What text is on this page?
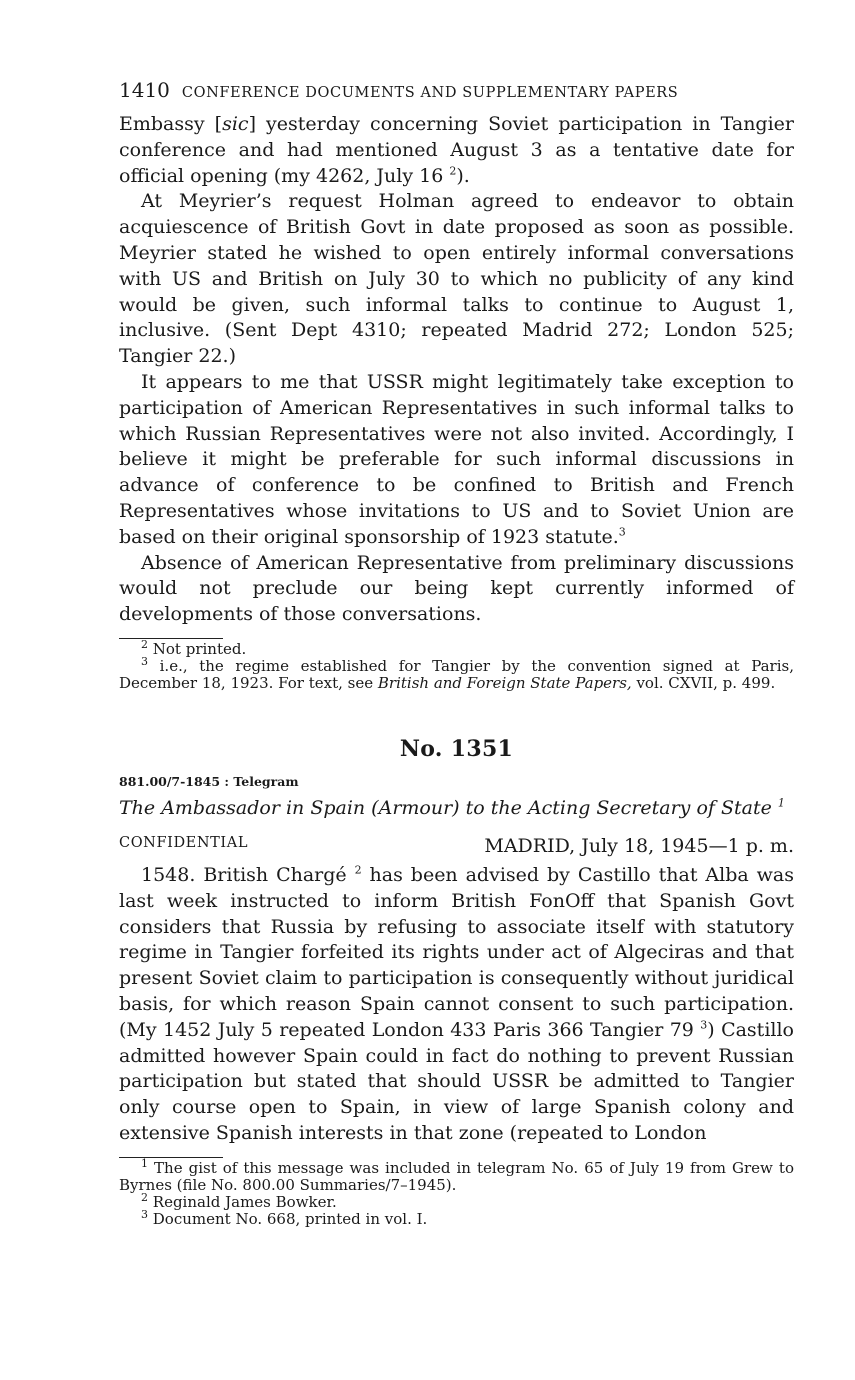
1410 CONFERENCE DOCUMENTS AND SUPPLEMENTARY PAPERS

Embassy [sic] yesterday concerning Soviet participation in Tangier conference and had mentioned August 3 as a tentative date for official opening (my 4262, July 16 $^2$).

At Meyrier’s request Holman agreed to endeavor to obtain acquiescence of British Govt in date proposed as soon as possible. Meyrier stated he wished to open entirely informal conversations with US and British on July 30 to which no publicity of any kind would be given, such informal talks to continue to August 1, inclusive. (Sent Dept 4310; repeated Madrid 272; London 525; Tangier 22.)

It appears to me that USSR might legitimately take exception to participation of American Representatives in such informal talks to which Russian Representatives were not also invited. Accordingly, I believe it might be preferable for such informal discussions in advance of conference to be confined to British and French Representatives whose invitations to US and to Soviet Union are based on their original sponsorship of 1923 statute.$^3$

Absence of American Representative from preliminary discussions would not preclude our being kept currently informed of developments of those conversations.

$^2$ Not printed.

$^3$ i.e., the regime established for Tangier by the convention signed at Paris, December 18, 1923. For text, see British and Foreign State Papers, vol. CXVII, p. 499.

No. 1351
881.00/7-1845 : Telegram
The Ambassador in Spain (Armour) to the Acting Secretary of State $^1$
CONFIDENTIAL	MADRID, July 18, 1945—1 p. m.

1548. British Chargé $^2$ has been advised by Castillo that Alba was last week instructed to inform British FonOff that Spanish Govt considers that Russia by refusing to associate itself with statutory regime in Tangier forfeited its rights under act of Algeciras and that present Soviet claim to participation is consequently without juridical basis, for which reason Spain cannot consent to such participation. (My 1452 July 5 repeated London 433 Paris 366 Tangier 79 $^3$) Castillo admitted however Spain could in fact do nothing to prevent Russian participation but stated that should USSR be admitted to Tangier only course open to Spain, in view of large Spanish colony and extensive Spanish interests in that zone (repeated to London

$^1$ The gist of this message was included in telegram No. 65 of July 19 from Grew to Byrnes (file No. 800.00 Summaries/7–1945).

$^2$ Reginald James Bowker.

$^3$ Document No. 668, printed in vol. I.
